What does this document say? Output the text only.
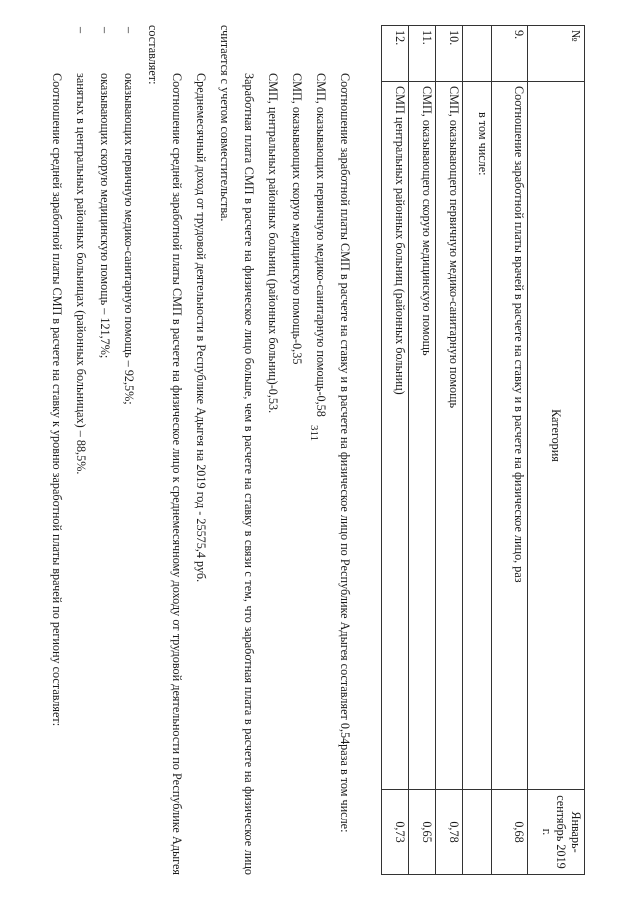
311
№	Категория	Январь-сентябрь 2019 г.
9.	Соотношение заработной платы врачей в расчете на ставку и в расчете на физическое лицо, раз	0,68
	в том числе:	
10.	СМП, оказывающего первичную медико-санитарную помощь	0,78
11.	СМП, оказывающего скорую медицинскую помощь	0,65
12.	СМП центральных районных больниц (районных больниц)	0,73

Соотношение заработной платы СМП в расчете на ставку и в расчете на физическое лицо по Республике Адыгея составляет 0,54раза в том числе:

СМП, оказывающих первичную медико-санитарную помощь-0,58

СМП, оказывающих скорую медицинскую помощь-0,35

СМП, центральных районных больниц (районных больниц)-0,53.

Заработная плата СМП в расчете на физическое лицо больше, чем в расчете на ставку в связи с тем, что заработная плата в расчете на физическое лицо считается с учетом совместительства.

Среднемесячный доход от трудовой деятельности в Республике Адыгея на 2019 год - 25575,4 руб.

Соотношение средней заработной платы СМП в расчете на физическое лицо к среднемесячному доходу от трудовой деятельности по Республике Адыгея составляет:

–
оказывающих первичную медико-санитарную помощь – 92,5%;
–
оказывающих скорую медицинскую помощь – 121,7%;
–
занятых в центральных районных больницах (районных больницах) – 88,5%.

Соотношение средней заработной платы СМП в расчете на ставку к уровню заработной платы врачей по региону составляет:
